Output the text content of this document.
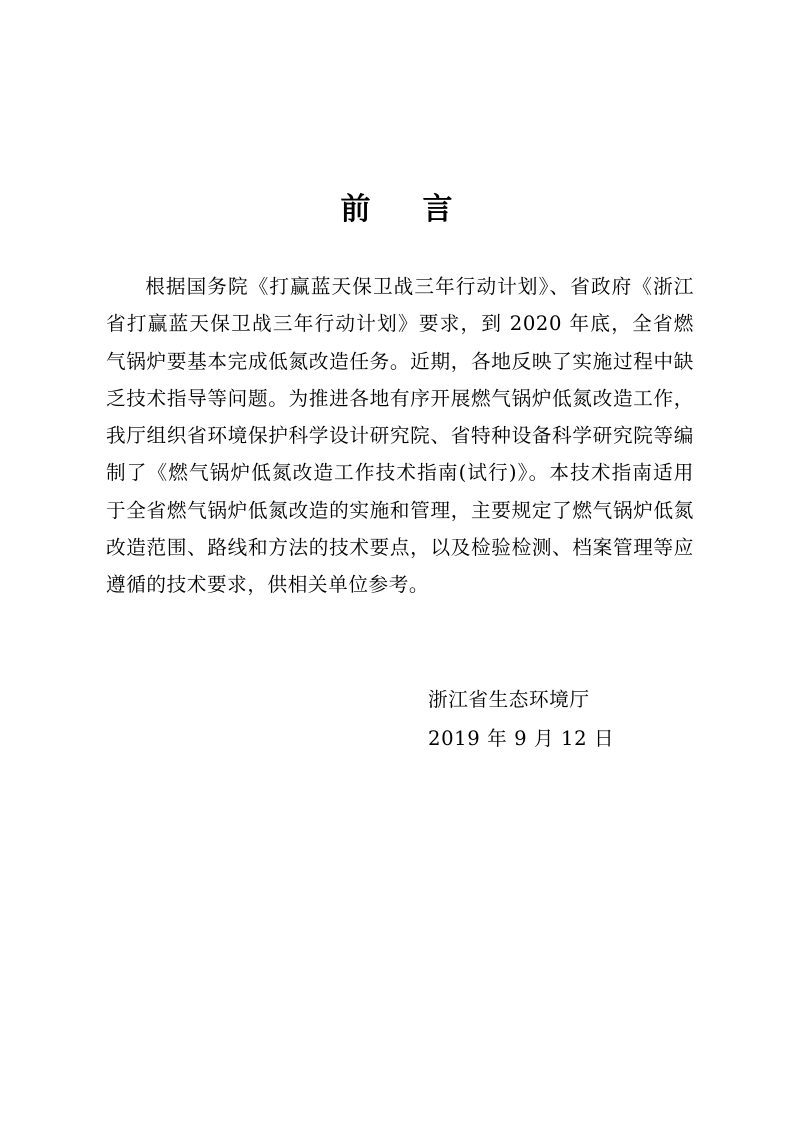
前 言

根据国务院《打赢蓝天保卫战三年行动计划》、省政府《浙江省打赢蓝天保卫战三年行动计划》要求，到 2020 年底，全省燃气锅炉要基本完成低氮改造任务。近期，各地反映了实施过程中缺乏技术指导等问题。为推进各地有序开展燃气锅炉低氮改造工作，我厅组织省环境保护科学设计研究院、省特种设备科学研究院等编制了《燃气锅炉低氮改造工作技术指南(试行)》。本技术指南适用于全省燃气锅炉低氮改造的实施和管理，主要规定了燃气锅炉低氮改造范围、路线和方法的技术要点，以及检验检测、档案管理等应遵循的技术要求，供相关单位参考。

浙江省生态环境厅
2019 年 9 月 12 日
